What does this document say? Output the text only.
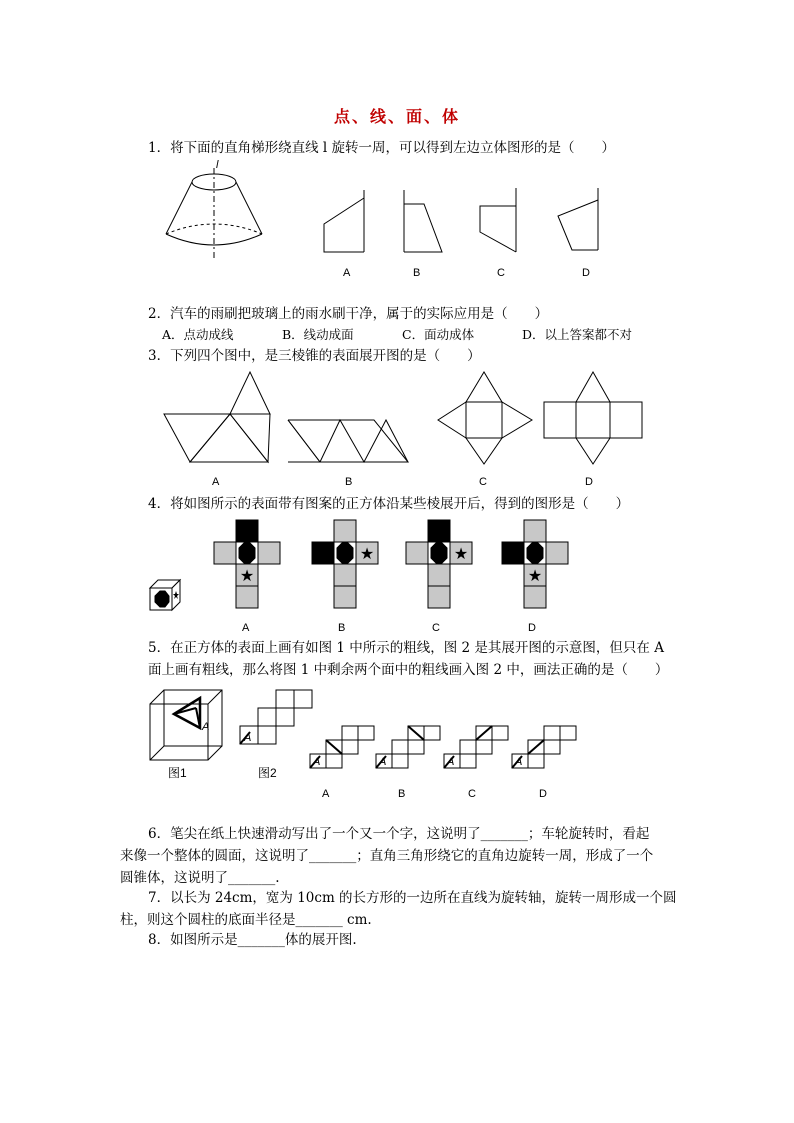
点、线、面、体
1．将下面的直角梯形绕直线 l 旋转一周，可以得到左边立体图形的是（　　）
l
A	B	C	D
2．汽车的雨刷把玻璃上的雨水刷干净，属于的实际应用是（　　）
A．点动成线	B．线动成面	C．面动成体	D．以上答案都不对
3．下列四个图中，是三棱锥的表面展开图的是（　　）
A	B	C	D
4．将如图所示的表面带有图案的正方体沿某些棱展开后，得到的图形是（　　）
★
★	★
★
A	B	C	D
5．在正方体的表面上画有如图 1 中所示的粗线，图 2 是其展开图的示意图，但只在 A
面上画有粗线，那么将图 1 中剩余两个面中的粗线画入图 2 中，画法正确的是（　　）
A
A
A	A	A	A
图1	图2
A	B	C	D
6．笔尖在纸上快速滑动写出了一个又一个字，这说明了_______；车轮旋转时，看起
来像一个整体的圆面，这说明了_______；直角三角形绕它的直角边旋转一周，形成了一个
圆锥体，这说明了_______.
7．以长为 24cm，宽为 10cm 的长方形的一边所在直线为旋转轴，旋转一周形成一个圆
柱，则这个圆柱的底面半径是_______ cm.
8．如图所示是_______体的展开图.
